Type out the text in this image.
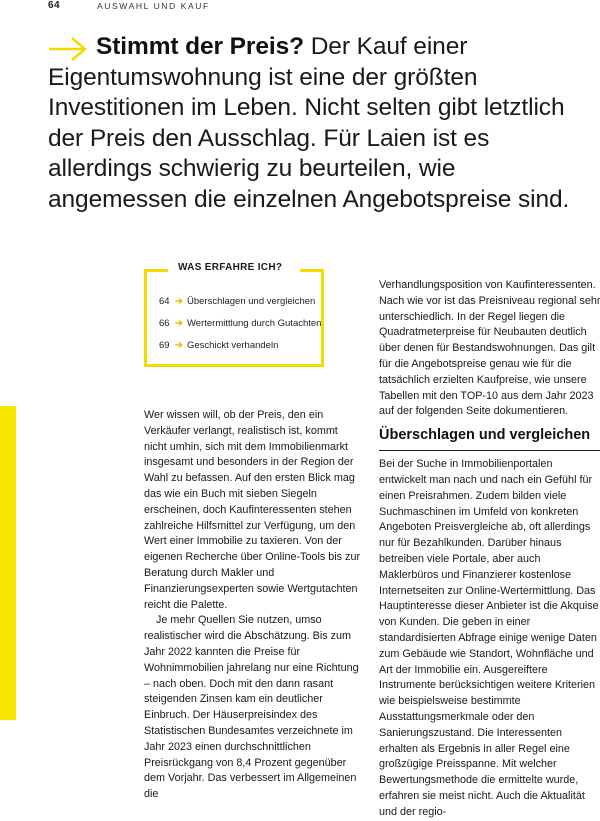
64	AUSWAHL UND KAUF

Stimmt der Preis? Der Kauf einer Eigentumswohnung ist eine der größten Investitionen im Leben. Nicht selten gibt letztlich der Preis den Ausschlag. Für Laien ist es allerdings schwierig zu beurteilen, wie angemessen die einzelnen Angebotspreise sind.

WAS ERFAHRE ICH?
64 ➔ Überschlagen und vergleichen
66 ➔ Wertermittlung durch Gutachten
69 ➔ Geschickt verhandeln

Wer wissen will, ob der Preis, den ein Verkäufer verlangt, realistisch ist, kommt nicht umhin, sich mit dem Immobilienmarkt insgesamt und besonders in der Region der Wahl zu befassen. Auf den ersten Blick mag das wie ein Buch mit sieben Siegeln erscheinen, doch Kaufinteressenten stehen zahlreiche Hilfsmittel zur Verfügung, um den Wert einer Immobilie zu taxieren. Von der eigenen Recherche über Online-Tools bis zur Beratung durch Makler und Finanzierungsexperten sowie Wertgutachten reicht die Palette.

Je mehr Quellen Sie nutzen, umso realistischer wird die Abschätzung. Bis zum Jahr 2022 kannten die Preise für Wohnimmobilien jahrelang nur eine Richtung – nach oben. Doch mit den dann rasant steigenden Zinsen kam ein deutlicher Einbruch. Der Häuserpreisindex des Statistischen Bundesamtes verzeichnete im Jahr 2023 einen durchschnittlichen Preisrückgang von 8,4 Prozent gegenüber dem Vorjahr. Das verbessert im Allgemeinen die

Verhandlungsposition von Kaufinteressenten. Nach wie vor ist das Preisniveau regional sehr unterschiedlich. In der Regel liegen die Quadratmeterpreise für Neubauten deutlich über denen für Bestandswohnungen. Das gilt für die Angebotspreise genau wie für die tatsächlich erzielten Kaufpreise, wie unsere Tabellen mit den TOP-10 aus dem Jahr 2023 auf der folgenden Seite dokumentieren.

Überschlagen und vergleichen

Bei der Suche in Immobilienportalen entwickelt man nach und nach ein Gefühl für einen Preisrahmen. Zudem bilden viele Suchmaschinen im Umfeld von konkreten Angeboten Preisvergleiche ab, oft allerdings nur für Bezahlkunden. Darüber hinaus betreiben viele Portale, aber auch Maklerbüros und Finanzierer kostenlose Internetseiten zur Online-Wertermittlung. Das Hauptinteresse dieser Anbieter ist die Akquise von Kunden. Die geben in einer standardisierten Abfrage einige wenige Daten zum Gebäude wie Standort, Wohnfläche und Art der Immobilie ein. Ausgereiftere Instrumente berücksichtigen weitere Kriterien wie beispielsweise bestimmte Ausstattungsmerkmale oder den Sanierungszustand. Die Interessenten erhalten als Ergebnis in aller Regel eine großzügige Preisspanne. Mit welcher Bewertungsmethode die ermittelte wurde, erfahren sie meist nicht. Auch die Aktualität und der regio-
